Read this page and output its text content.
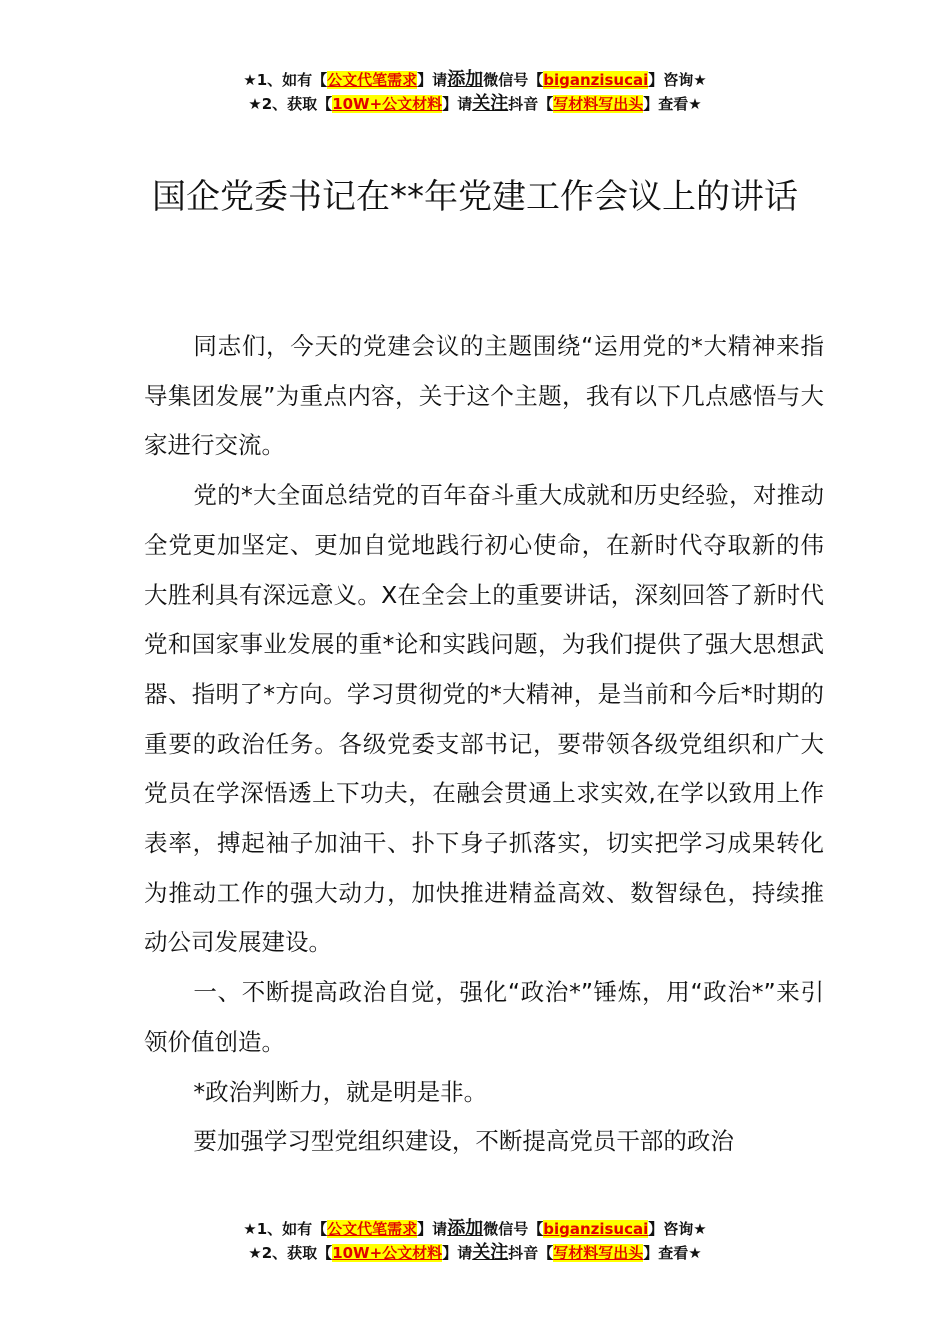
★1、如有【公文代笔需求】请添加微信号【biganzisucai】咨询★
★2、获取【10W+公文材料】请关注抖音【写材料写出头】查看★
国企党委书记在**年党建工作会议上的讲话

同志们，今天的党建会议的主题围绕“运用党的*大精神来指导集团发展”为重点内容，关于这个主题，我有以下几点感悟与大家进行交流。

党的*大全面总结党的百年奋斗重大成就和历史经验，对推动全党更加坚定、更加自觉地践行初心使命，在新时代夺取新的伟大胜利具有深远意义。X在全会上的重要讲话，深刻回答了新时代党和国家事业发展的重*论和实践问题，为我们提供了强大思想武器、指明了*方向。学习贯彻党的*大精神，是当前和今后*时期的重要的政治任务。各级党委支部书记，要带领各级党组织和广大党员在学深悟透上下功夫，在融会贯通上求实效,在学以致用上作表率，搏起袖子加油干、扑下身子抓落实，切实把学习成果转化为推动工作的强大动力，加快推进精益高效、数智绿色，持续推动公司发展建设。

一、不断提高政治自觉，强化“政治*”锤炼，用“政治*”来引领价值创造。

*政治判断力，就是明是非。

要加强学习型党组织建设，不断提高党员干部的政治

★1、如有【公文代笔需求】请添加微信号【biganzisucai】咨询★
★2、获取【10W+公文材料】请关注抖音【写材料写出头】查看★
